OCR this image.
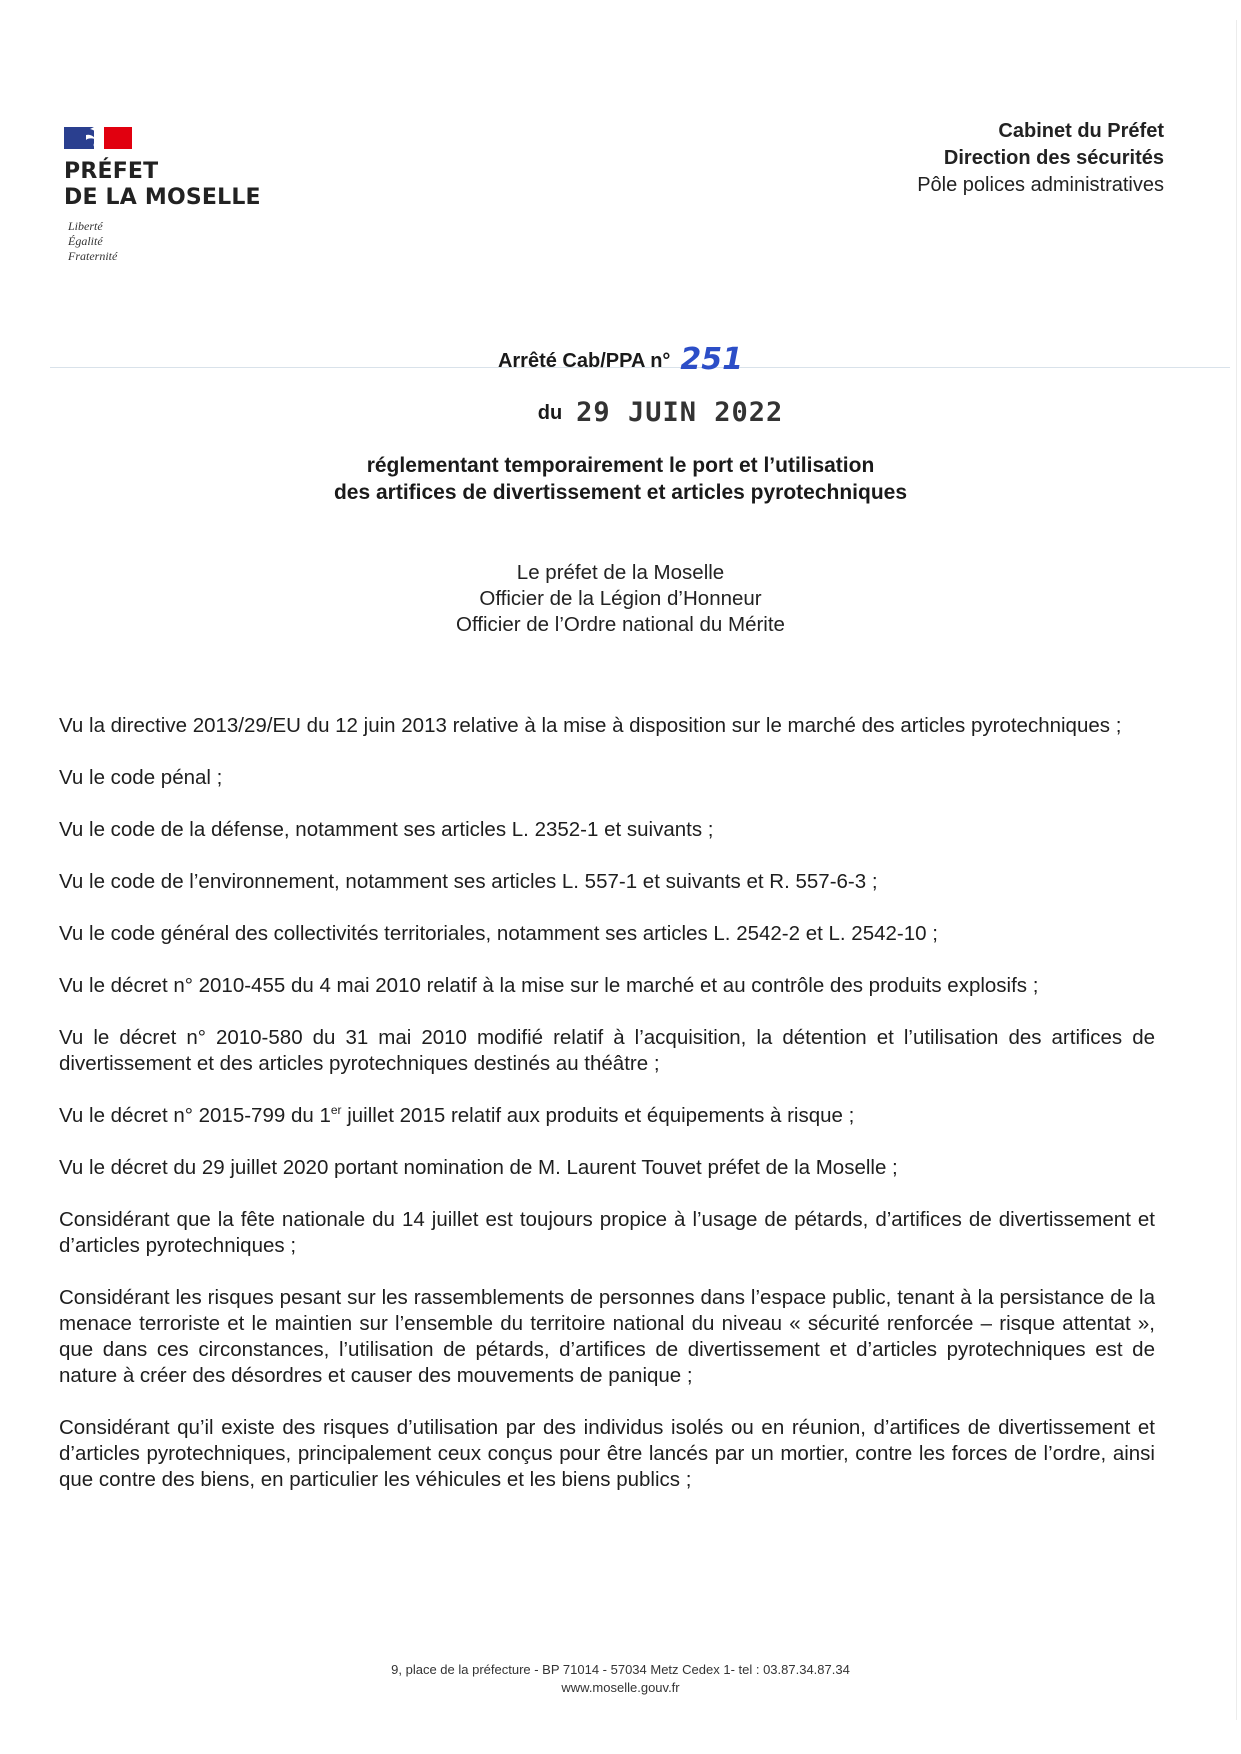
PRÉFET
DE LA MOSELLE
Liberté
Égalité
Fraternité
Cabinet du Préfet
Direction des sécurités
Pôle polices administratives
Arrêté Cab/PPA n° 251
du 29 JUIN 2022
réglementant temporairement le port et l’utilisation
des artifices de divertissement et articles pyrotechniques
Le préfet de la Moselle
Officier de la Légion d’Honneur
Officier de l’Ordre national du Mérite

Vu la directive 2013/29/EU du 12 juin 2013 relative à la mise à disposition sur le marché des articles pyrotechniques ;

Vu le code pénal ;

Vu le code de la défense, notamment ses articles L. 2352-1 et suivants ;

Vu le code de l’environnement, notamment ses articles L. 557-1 et suivants et R. 557-6-3 ;

Vu le code général des collectivités territoriales, notamment ses articles L. 2542-2 et L. 2542-10 ;

Vu le décret n° 2010-455 du 4 mai 2010 relatif à la mise sur le marché et au contrôle des produits explosifs ;

Vu le décret n° 2010-580 du 31 mai 2010 modifié relatif à l’acquisition, la détention et l’utilisation des artifices de divertissement et des articles pyrotechniques destinés au théâtre ;

Vu le décret n° 2015-799 du 1er juillet 2015 relatif aux produits et équipements à risque ;

Vu le décret du 29 juillet 2020 portant nomination de M. Laurent Touvet préfet de la Moselle ;

Considérant que la fête nationale du 14 juillet est toujours propice à l’usage de pétards, d’artifices de divertissement et d’articles pyrotechniques ;

Considérant les risques pesant sur les rassemblements de personnes dans l’espace public, tenant à la persistance de la menace terroriste et le maintien sur l’ensemble du territoire national du niveau « sécurité renforcée – risque attentat », que dans ces circonstances, l’utilisation de pétards, d’artifices de divertissement et d’articles pyrotechniques est de nature à créer des désordres et causer des mouvements de panique ;

Considérant qu’il existe des risques d’utilisation par des individus isolés ou en réunion, d’artifices de divertissement et d’articles pyrotechniques, principalement ceux conçus pour être lancés par un mortier, contre les forces de l’ordre, ainsi que contre des biens, en particulier les véhicules et les biens publics ;

9, place de la préfecture - BP 71014 - 57034 Metz Cedex 1- tel : 03.87.34.87.34
www.moselle.gouv.fr
